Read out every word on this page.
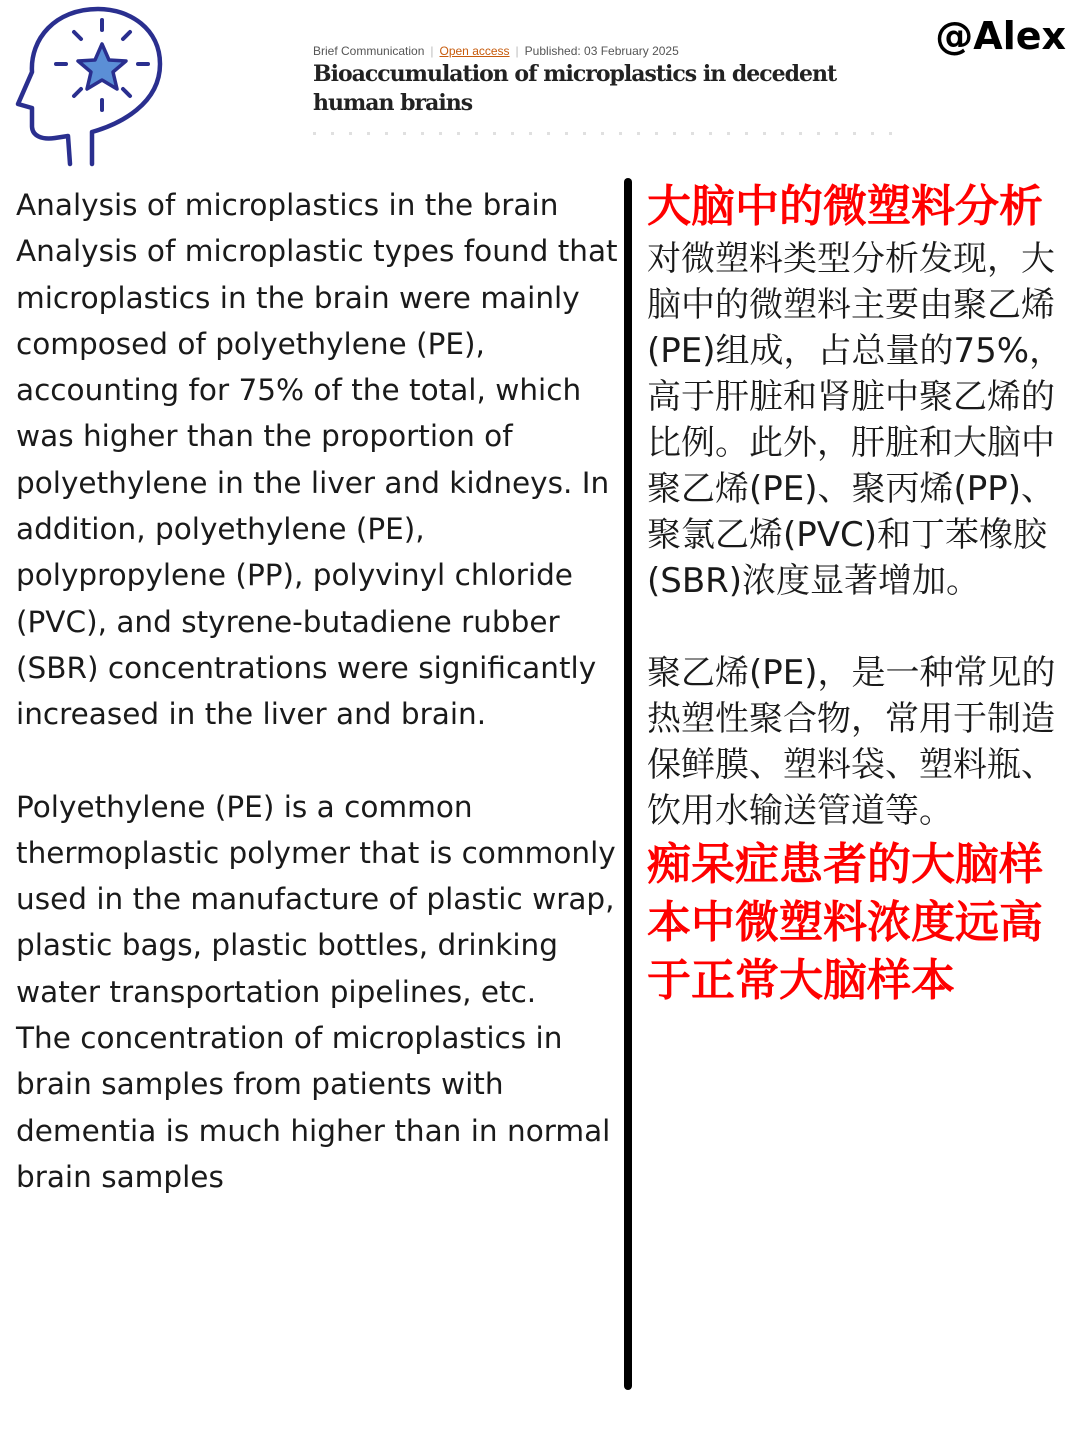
@Alex
Brief Communication | Open access | Published: 03 February 2025
Bioaccumulation of microplastics in decedent human brains

Analysis of microplastics in the brain Analysis of microplastic types found that microplastics in the brain were mainly composed of polyethylene (PE), accounting for 75% of the total, which was higher than the proportion of polyethylene in the liver and kidneys. In addition, polyethylene (PE), polypropylene (PP), polyvinyl chloride (PVC), and styrene-butadiene rubber (SBR) concentrations were significantly increased in the liver and brain.

Polyethylene (PE) is a common thermoplastic polymer that is commonly used in the manufacture of plastic wrap, plastic bags, plastic bottles, drinking water transportation pipelines, etc.

The concentration of microplastics in brain samples from patients with dementia is much higher than in normal brain samples

大脑中的微塑料分析

对微塑料类型分析发现，大脑中的微塑料主要由聚乙烯(PE)组成，占总量的75%，高于肝脏和肾脏中聚乙烯的比例。此外，肝脏和大脑中聚乙烯(PE)、聚丙烯(PP)、聚氯乙烯(PVC)和丁苯橡胶(SBR)浓度显著增加。

聚乙烯(PE)，是一种常见的热塑性聚合物，常用于制造保鲜膜、塑料袋、塑料瓶、饮用水输送管道等。

痴呆症患者的大脑样本中微塑料浓度远高于正常大脑样本
